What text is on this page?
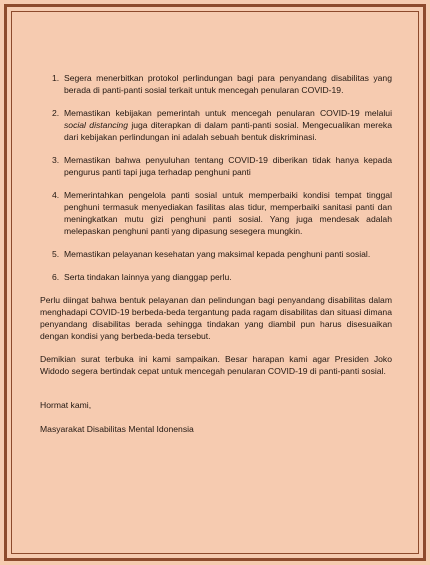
1. Segera menerbitkan protokol perlindungan bagi para penyandang disabilitas yang berada di panti-panti sosial terkait untuk mencegah penularan COVID-19.
2. Memastikan kebijakan pemerintah untuk mencegah penularan COVID-19 melalui social distancing juga diterapkan di dalam panti-panti sosial. Mengecualikan mereka dari kebijakan perlindungan ini adalah sebuah bentuk diskriminasi.
3. Memastikan bahwa penyuluhan tentang COVID-19 diberikan tidak hanya kepada pengurus panti tapi juga terhadap penghuni panti
4. Memerintahkan pengelola panti sosial untuk memperbaiki kondisi tempat tinggal penghuni termasuk menyediakan fasilitas alas tidur, memperbaiki sanitasi panti dan meningkatkan mutu gizi penghuni panti sosial. Yang juga mendesak adalah melepaskan penghuni panti yang dipasung sesegera mungkin.
5. Memastikan pelayanan kesehatan yang maksimal kepada penghuni panti sosial.
6. Serta tindakan lainnya yang dianggap perlu.

Perlu diingat bahwa bentuk pelayanan dan pelindungan bagi penyandang disabilitas dalam menghadapi COVID-19 berbeda-beda tergantung pada ragam disabilitas dan situasi dimana penyandang disabilitas berada sehingga tindakan yang diambil pun harus disesuaikan dengan kondisi yang berbeda-beda tersebut.

Demikian surat terbuka ini kami sampaikan. Besar harapan kami agar Presiden Joko Widodo segera bertindak cepat untuk mencegah penularan COVID-19 di panti-panti sosial.

Hormat kami,

Masyarakat Disabilitas Mental Idonensia
